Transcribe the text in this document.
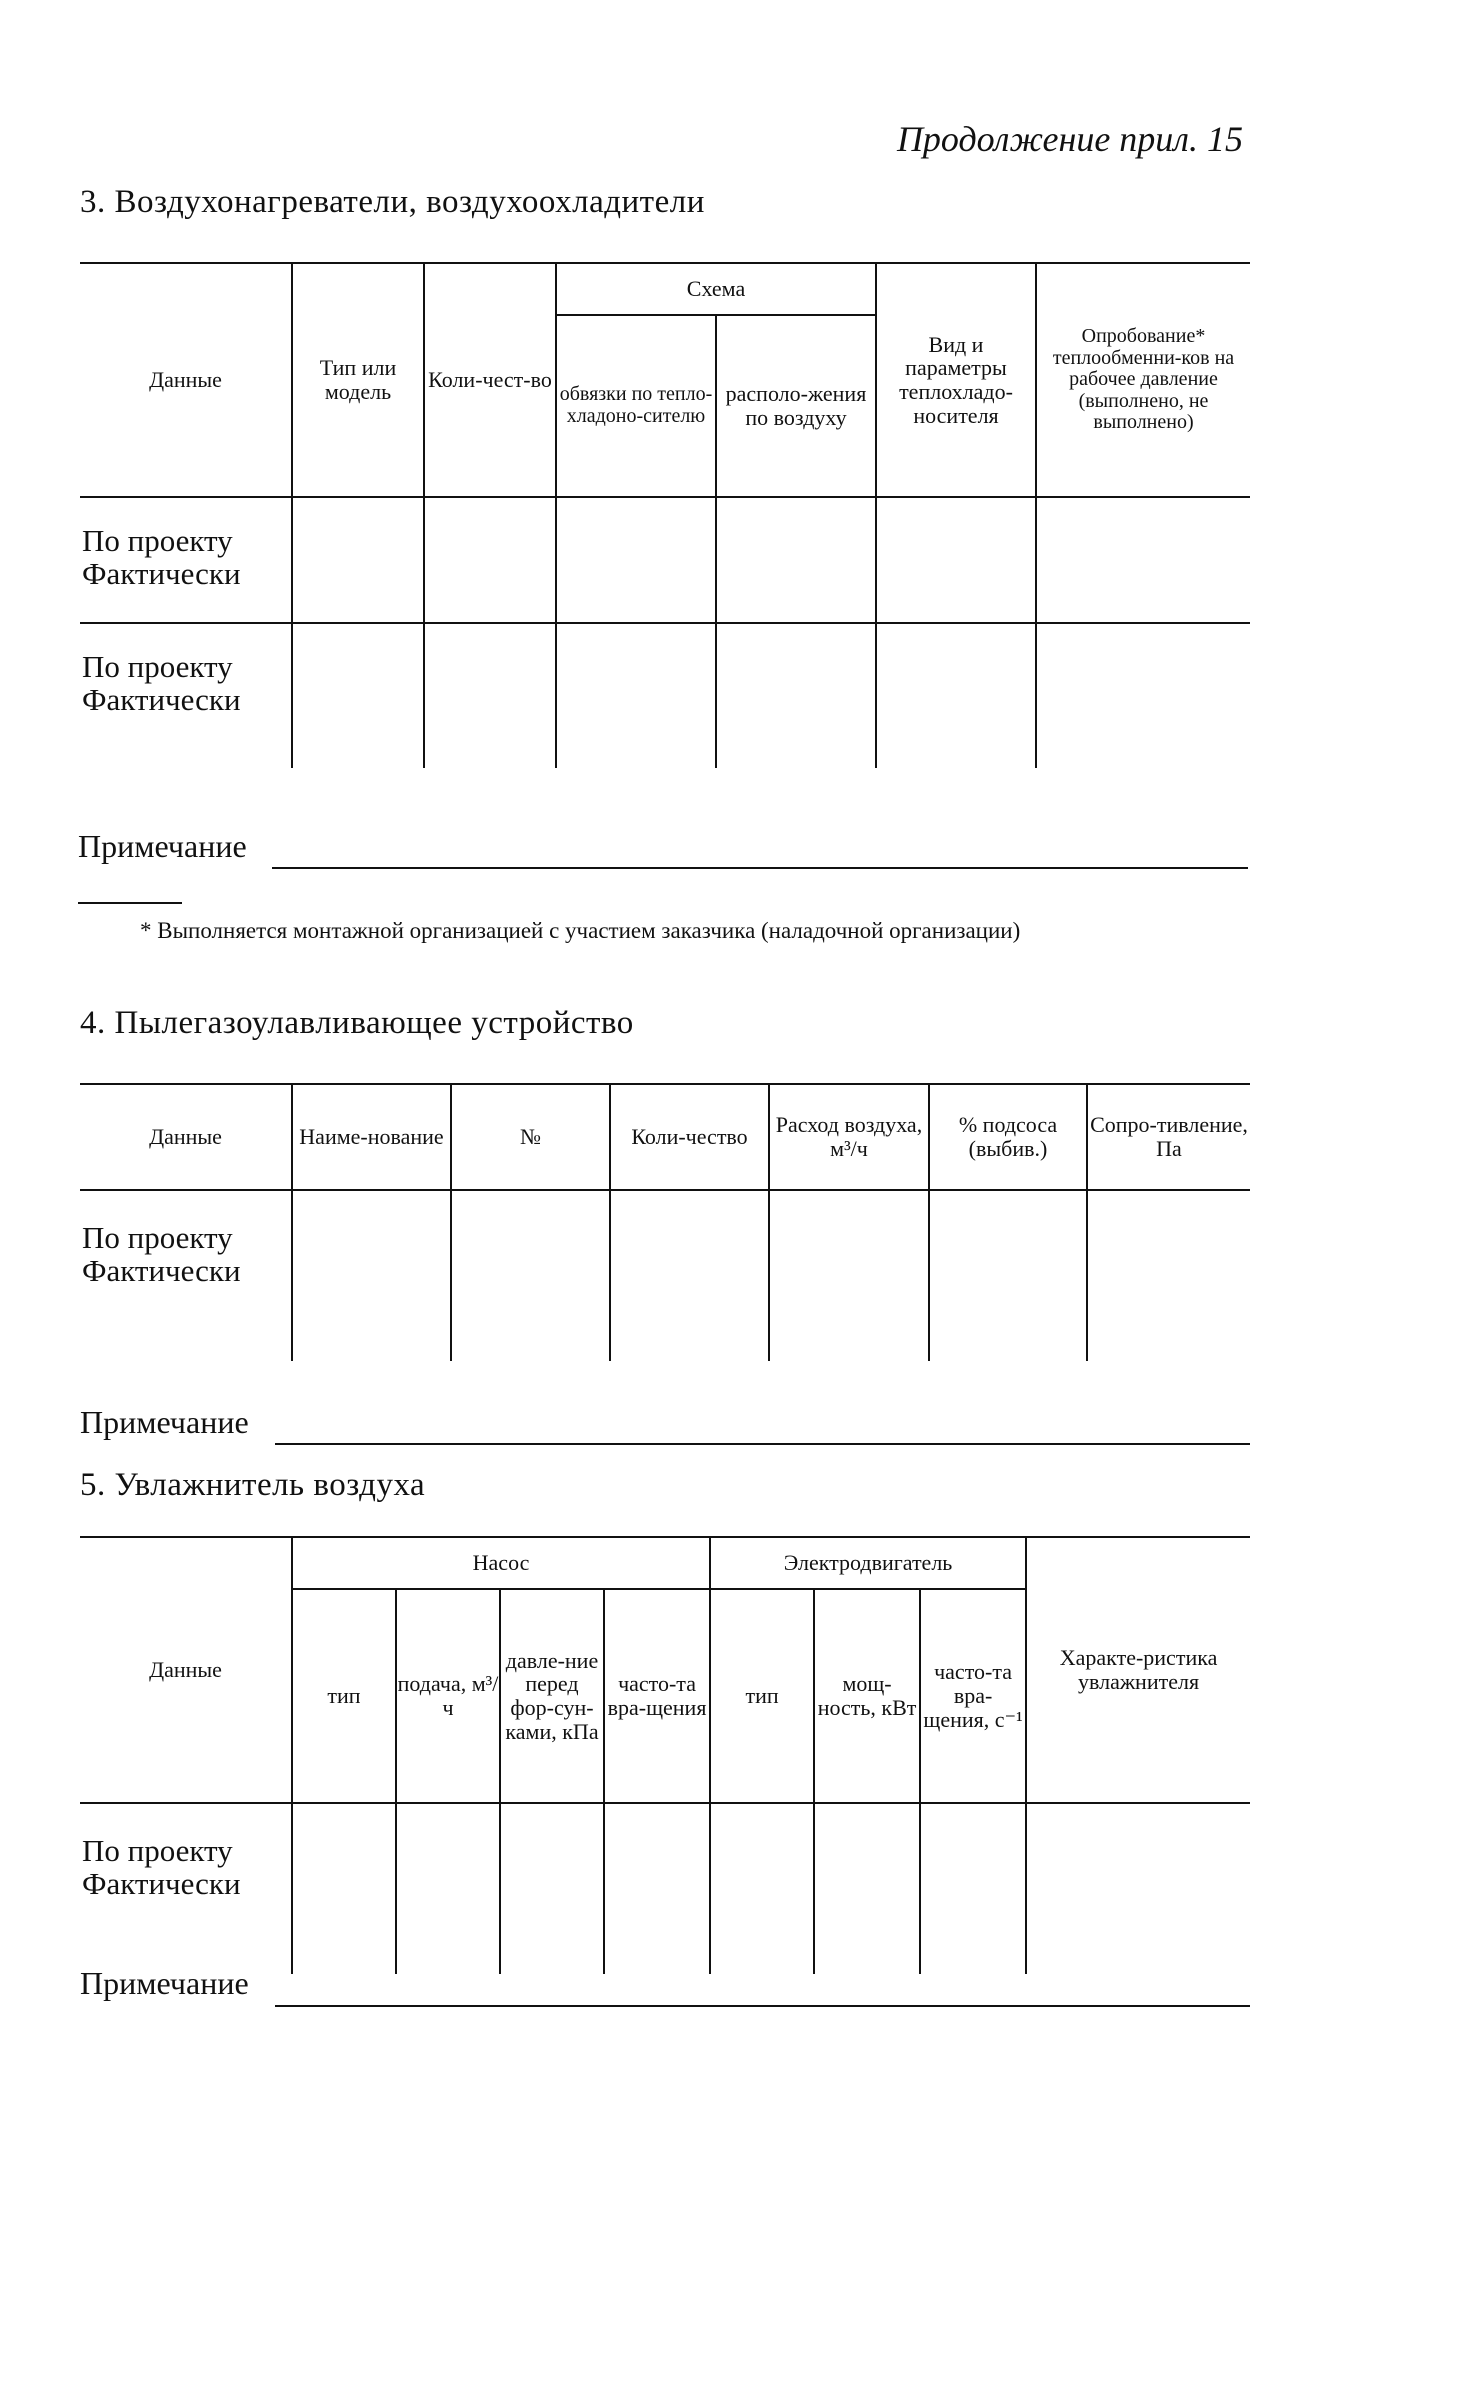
Продолжение прил. 15
3. Воздухонагреватели, воздухоохладители
Данные	Тип или модель	Коли-чест-во	Схема		Вид и параметры теплохладо-носителя	Опробование* теплообменни-ков на рабочее давление (выполнено, не выполнено)
			обвязки по тепло-хладоно-сителю	располо-жения по воздуху		

По проекту
Фактически						

По проекту
Фактически						

Примечание
* Выполняется монтажной организацией с участием заказчика (наладочной организации)
4. Пылегазоулавливающее устройство
Данные	Наиме-нование	№	Коли-чество	Расход воздуха, м³/ч	% подсоса (выбив.)	Сопро-тивление, Па

По проекту
Фактически						

Примечание
5. Увлажнитель воздуха
Данные	Насос				Электродвигатель			Характе-ристика увлажнителя
	тип	подача, м³/ч	давле-ние перед фор-сун-ками, кПа	часто-та вра-щения	тип	мощ-ность, кВт	часто-та вра-щения, с⁻¹	

По проекту
Фактически								

Примечание
